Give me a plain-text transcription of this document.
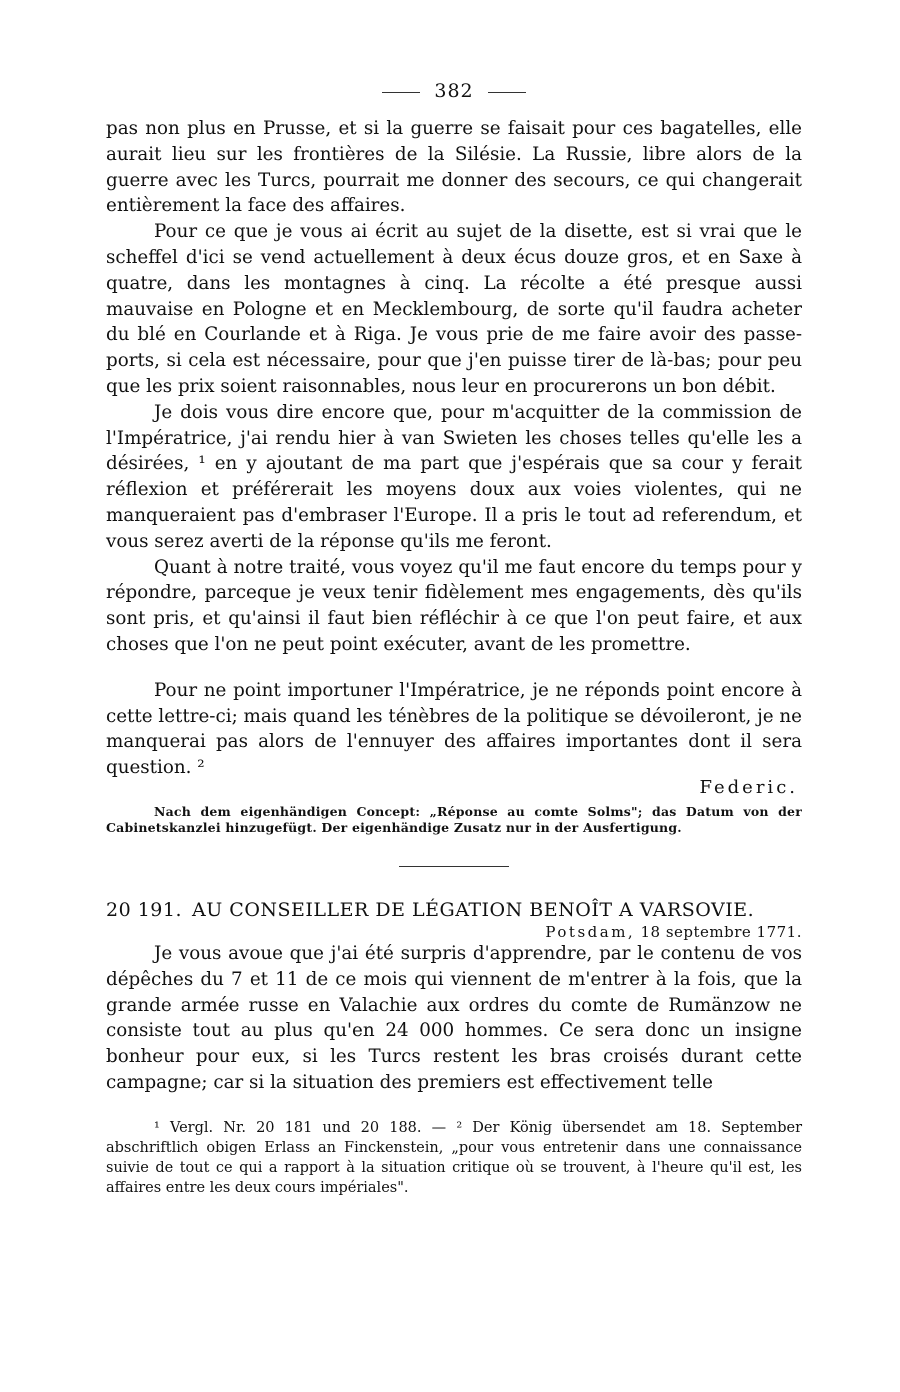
382

pas non plus en Prusse, et si la guerre se faisait pour ces bagatelles, elle aurait lieu sur les frontières de la Silésie. La Russie, libre alors de la guerre avec les Turcs, pourrait me donner des secours, ce qui changerait entièrement la face des affaires.

Pour ce que je vous ai écrit au sujet de la disette, est si vrai que le scheffel d'ici se vend actuellement à deux écus douze gros, et en Saxe à quatre, dans les montagnes à cinq. La récolte a été presque aussi mauvaise en Pologne et en Mecklembourg, de sorte qu'il faudra acheter du blé en Courlande et à Riga. Je vous prie de me faire avoir des passe-ports, si cela est nécessaire, pour que j'en puisse tirer de là-bas; pour peu que les prix soient raisonnables, nous leur en procurerons un bon débit.

Je dois vous dire encore que, pour m'acquitter de la commission de l'Impératrice, j'ai rendu hier à van Swieten les choses telles qu'elle les a désirées, ¹ en y ajoutant de ma part que j'espérais que sa cour y ferait réflexion et préférerait les moyens doux aux voies violentes, qui ne manqueraient pas d'embraser l'Europe. Il a pris le tout ad referendum, et vous serez averti de la réponse qu'ils me feront.

Quant à notre traité, vous voyez qu'il me faut encore du temps pour y répondre, parceque je veux tenir fidèlement mes engagements, dès qu'ils sont pris, et qu'ainsi il faut bien réfléchir à ce que l'on peut faire, et aux choses que l'on ne peut point exécuter, avant de les promettre.

Pour ne point importuner l'Impératrice, je ne réponds point encore à cette lettre-ci; mais quand les ténèbres de la politique se dévoileront, je ne manquerai pas alors de l'ennuyer des affaires importantes dont il sera question. ²

Federic.
Nach dem eigenhändigen Concept: „Réponse au comte Solms"; das Datum von der Cabinetskanzlei hinzugefügt. Der eigenhändige Zusatz nur in der Ausfertigung.
20 191. AU CONSEILLER DE LÉGATION BENOÎT A VARSOVIE.
Potsdam, 18 septembre 1771.

Je vous avoue que j'ai été surpris d'apprendre, par le contenu de vos dépêches du 7 et 11 de ce mois qui viennent de m'entrer à la fois, que la grande armée russe en Valachie aux ordres du comte de Rumänzow ne consiste tout au plus qu'en 24 000 hommes. Ce sera donc un insigne bonheur pour eux, si les Turcs restent les bras croisés durant cette campagne; car si la situation des premiers est effectivement telle

¹ Vergl. Nr. 20 181 und 20 188. — ² Der König übersendet am 18. September abschriftlich obigen Erlass an Finckenstein, „pour vous entretenir dans une connaissance suivie de tout ce qui a rapport à la situation critique où se trouvent, à l'heure qu'il est, les affaires entre les deux cours impériales".
